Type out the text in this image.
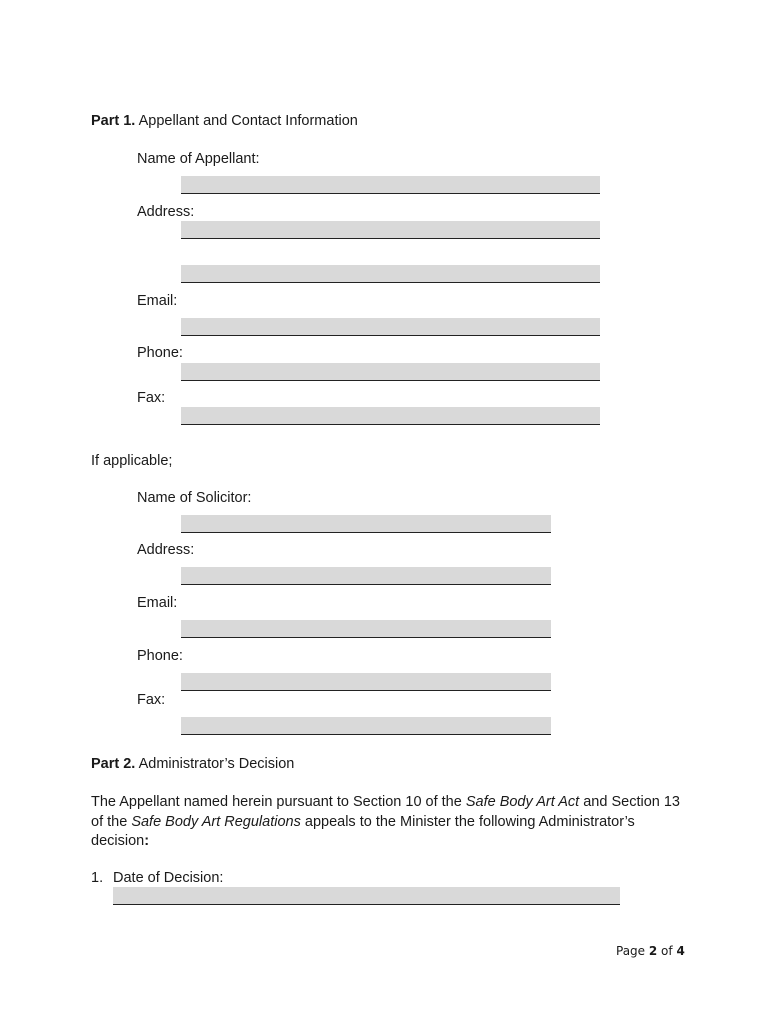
Part 1. Appellant and Contact Information
Name of Appellant:
Address:
Email:
Phone:
Fax:
If applicable;
Name of Solicitor:
Address:
Email:
Phone:
Fax:
Part 2. Administrator’s Decision
The Appellant named herein pursuant to Section 10 of the Safe Body Art Act and Section 13 of the Safe Body Art Regulations appeals to the Minister the following Administrator’s decision:
1. Date of Decision:
Page 2 of 4
